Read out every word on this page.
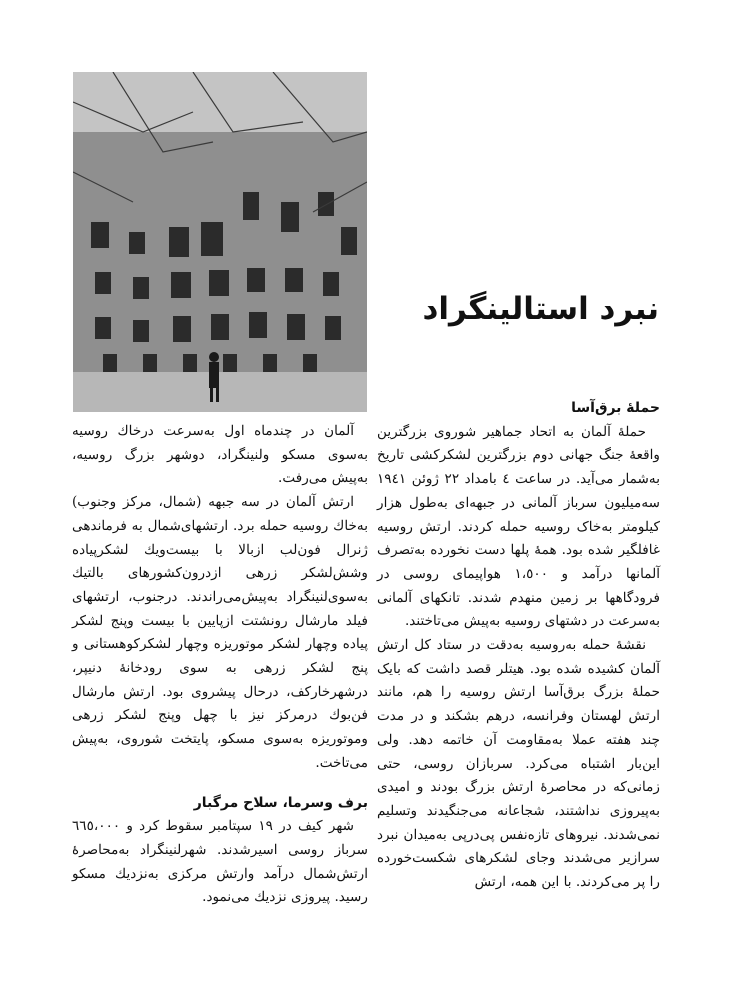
نبرد استالینگراد
حملهٔ برق‌آسا

حملهٔ آلمان به اتحاد جماهیر شوروی بزرگترین واقعهٔ جنگ جهانی دوم بزرگترین لشکرکشی تاریخ به‌شمار می‌آید. در ساعت ٤ بامداد ٢٢ ژوئن ١٩٤١ سه‌میلیون سرباز آلمانی در جبهه‌ای به‌طول هزار کیلومتر به‌خاک روسیه حمله کردند. ارتش روسیه غافلگیر شده بود. همهٔ پلها دست نخورده به‌تصرف آلمانها درآمد و ١،٥٠٠ هواپیمای روسی در فرودگاهها بر زمین منهدم شدند. تانکهای آلمانی به‌سرعت در دشتهای روسیه به‌پیش می‌تاختند.

نقشهٔ حمله به‌روسیه به‌دقت در ستاد کل ارتش آلمان کشیده شده بود. هیتلر قصد داشت که بایک حملهٔ بزرگ برق‌آسا ارتش روسیه را هم، مانند ارتش لهستان وفرانسه، درهم بشکند و در مدت چند هفته عملا به‌مقاومت آن خاتمه دهد. ولی این‌بار اشتباه می‌کرد. سربازان روسی، حتی زمانی‌که در محاصرهٔ ارتش بزرگ بودند و امیدی به‌پیروزی نداشتند، شجاعانه می‌جنگیدند وتسلیم نمی‌شدند. نیروهای تازه‌نفس پی‌درپی به‌میدان نبرد سرازیر می‌شدند وجای لشکرهای شکست‌خورده را پر می‌کردند. با این همه، ارتش

آلمان در چندماه اول به‌سرعت درخاك روسیه به‌سوی مسکو ولنینگراد، دوشهر بزرگ روسیه، به‌پیش می‌رفت.

ارتش آلمان در سه جبهه (شمال، مرکز وجنوب) به‌خاك روسیه حمله برد. ارتشهای‌شمال به فرماندهی ژنرال فون‌لب ازبالا با بیست‌ویك لشکرپیاده وشش‌لشکر زرهی ازدرون‌کشورهای بالتیك به‌سوی‌لنینگراد به‌پیش‌می‌راندند. درجنوب، ارتشهای فیلد مارشال رونشتت ازپایین با بیست وپنج لشکر پیاده وچهار لشکر موتوریزه وچهار لشکرکوهستانی و پنج لشکر زرهی به سوی رودخانهٔ دنیپر، درشهرخارکف، درحال پیشروی بود. ارتش مارشال فن‌بوك درمرکز نیز با چهل وپنج لشکر زرهی وموتوریزه به‌سوی مسکو، پایتخت شوروی، به‌پیش می‌تاخت.

برف وسرما، سلاح مرگبار

شهر کیف در ١٩ سپتامبر سقوط کرد و ٦٦٥،٠٠٠ سرباز روسی اسیرشدند. شهرلنینگراد به‌محاصرهٔ ارتش‌شمال درآمد وارتش مرکزی به‌نزدیك مسکو رسید. پیروزی نزدیك می‌نمود.
